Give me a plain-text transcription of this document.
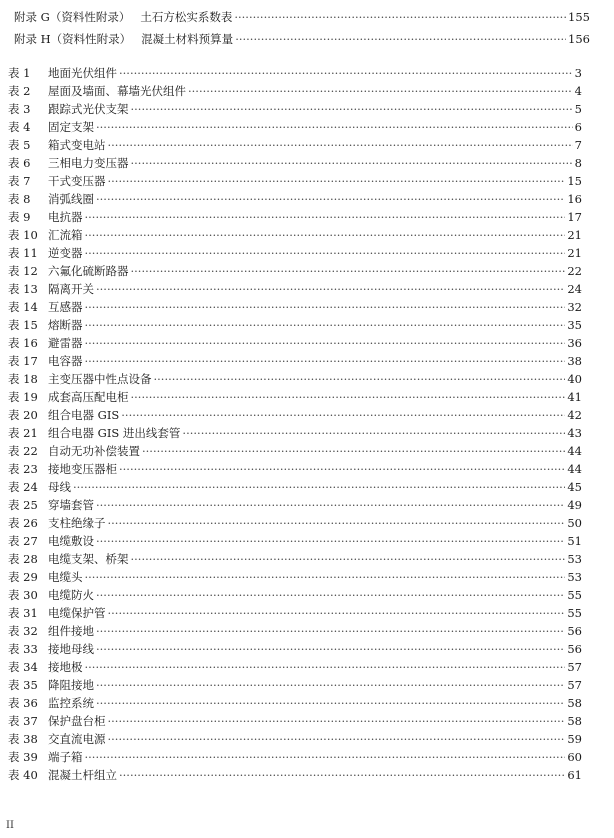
附录 G（资料性附录） 土石方松实系数表 ·····	155
附录 H（资料性附录） 混凝土材料预算量 ·····	156
表 1	地面光伏组件 ·····	3
表 2	屋面及墙面、幕墙光伏组件 ·····	4
表 3	跟踪式光伏支架 ·····	5
表 4	固定支架 ·····	6
表 5	箱式变电站 ·····	7
表 6	三相电力变压器 ·····	8
表 7	干式变压器 ·····	15
表 8	消弧线圈 ·····	16
表 9	电抗器 ·····	17
表 10 汇流箱 ·····	21
表 11 逆变器 ·····	21
表 12 六氟化硫断路器 ·····	22
表 13 隔离开关 ·····	24
表 14 互感器 ·····	32
表 15 熔断器 ·····	35
表 16 避雷器 ·····	36
表 17 电容器 ·····	38
表 18 主变压器中性点设备 ·····	40
表 19 成套高压配电柜 ·····	41
表 20 组合电器 GIS ·····	42
表 21 组合电器 GIS 进出线套管 ·····	43
表 22 自动无功补偿装置 ·····	44
表 23 接地变压器柜 ·····	44
表 24 母线 ·····	45
表 25 穿墙套管 ·····	49
表 26 支柱绝缘子 ·····	50
表 27 电缆敷设 ·····	51
表 28 电缆支架、桥架 ·····	53
表 29 电缆头 ·····	53
表 30 电缆防火 ·····	55
表 31 电缆保护管 ·····	55
表 32 组件接地 ·····	56
表 33 接地母线 ·····	56
表 34 接地极 ·····	57
表 35 降阻接地 ·····	57
表 36 监控系统 ·····	58
表 37 保护盘台柜 ·····	58
表 38 交直流电源 ·····	59
表 39 端子箱 ·····	60
表 40 混凝土杆组立 ·····	61
II
